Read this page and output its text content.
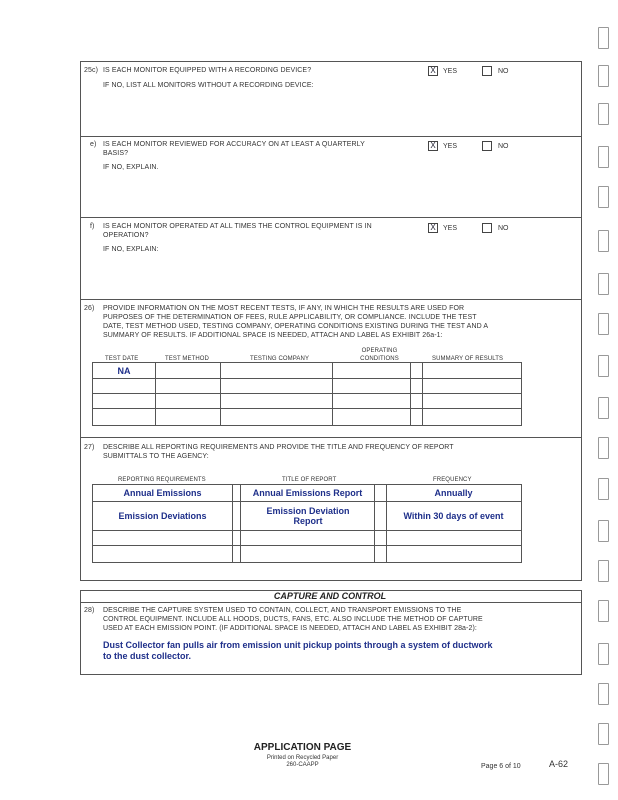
25c) IS EACH MONITOR EQUIPPED WITH A RECORDING DEVICE?
IF NO, LIST ALL MONITORS WITHOUT A RECORDING DEVICE:
X	YES	NO
e) IS EACH MONITOR REVIEWED FOR ACCURACY ON AT LEAST A QUARTERLY
BASIS?
IF NO, EXPLAIN.
X	YES	NO
f) IS EACH MONITOR OPERATED AT ALL TIMES THE CONTROL EQUIPMENT IS IN
OPERATION?
IF NO, EXPLAIN:
X	YES	NO
26) PROVIDE INFORMATION ON THE MOST RECENT TESTS, IF ANY, IN WHICH THE RESULTS ARE USED FOR
PURPOSES OF THE DETERMINATION OF FEES, RULE APPLICABILITY, OR COMPLIANCE. INCLUDE THE TEST
DATE, TEST METHOD USED, TESTING COMPANY, OPERATING CONDITIONS EXISTING DURING THE TEST AND A
SUMMARY OF RESULTS. IF ADDITIONAL SPACE IS NEEDED, ATTACH AND LABEL AS EXHIBIT 26a-1:
TEST DATE	TEST METHOD	TESTING COMPANY
OPERATING CONDITIONS	SUMMARY OF RESULTS
NA
27) DESCRIBE ALL REPORTING REQUIREMENTS AND PROVIDE THE TITLE AND FREQUENCY OF REPORT
SUBMITTALS TO THE AGENCY:
REPORTING REQUIREMENTS	TITLE OF REPORT	FREQUENCY
Annual Emissions	Annual Emissions Report	Annually
Emission Deviations	Emission Deviation Report	Within 30 days of event
CAPTURE AND CONTROL
28) DESCRIBE THE CAPTURE SYSTEM USED TO CONTAIN, COLLECT, AND TRANSPORT EMISSIONS TO THE
CONTROL EQUIPMENT. INCLUDE ALL HOODS, DUCTS, FANS, ETC. ALSO INCLUDE THE METHOD OF CAPTURE
USED AT EACH EMISSION POINT. (IF ADDITIONAL SPACE IS NEEDED, ATTACH AND LABEL AS EXHIBIT 28a-2):
Dust Collector fan pulls air from emission unit pickup points through a system of ductwork
to the dust collector.
APPLICATION PAGE
Printed on Recycled Paper
260-CAAPP	Page 6 of 10	A-62
